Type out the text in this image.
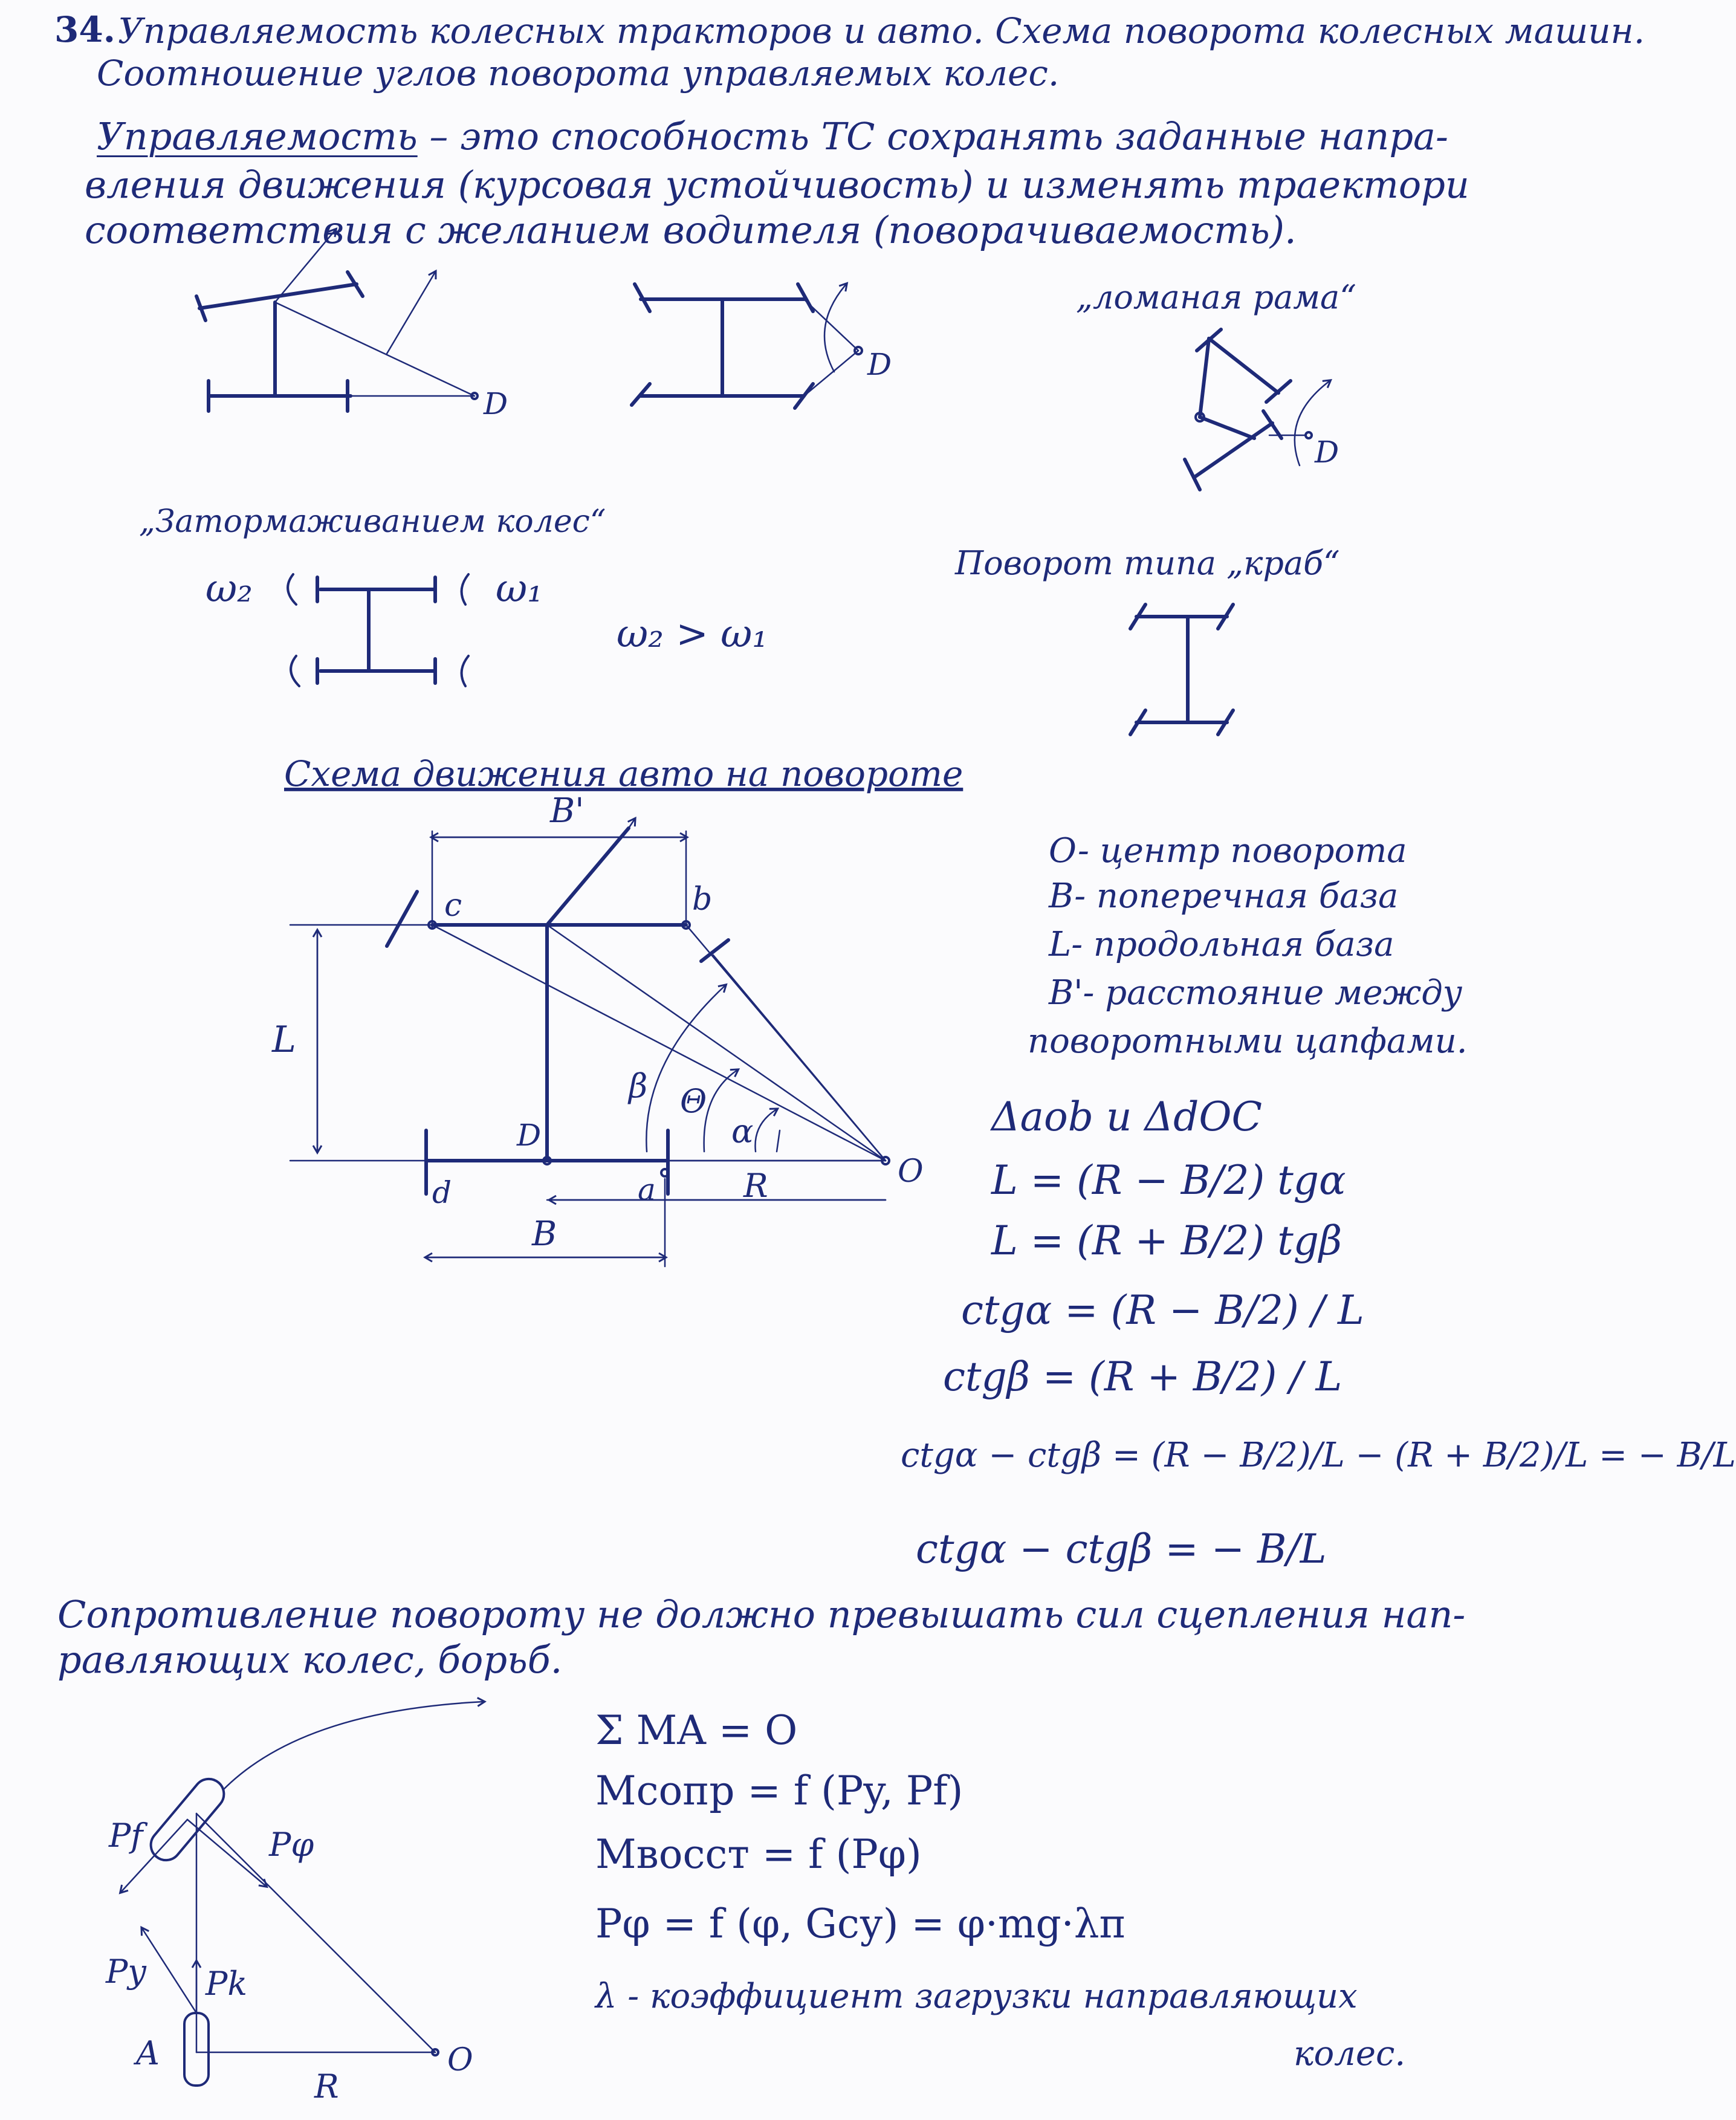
34. Управляемость колесных тракторов и авто. Схема поворота колесных машин.
Соотношение углов поворота управляемых колес.
Управляемость – это способность ТС сохранять заданные напра-
вления движения (курсовая устойчивость) и изменять траектори
соответствия с желанием водителя (поворачиваемость).
D
D
„ломаная рама“
D
„Затормаживанием колес“
ω₂	ω₁
ω₂ > ω₁
Поворот типа „краб“
Схема движения авто на повороте
B'
c	b
L
D
O
d	a	R
B
β Θ
α
Pf	Pφ
Py Pk
A
R
O
O- центр поворота
B- поперечная база
L- продольная база
B'- расстояние между
поворотными цапфами.
Δaob и ΔdOC
L = (R − B/2) tgα
L = (R + B/2) tgβ
ctgα = (R − B/2) / L
ctgβ = (R + B/2) / L
ctgα − ctgβ = (R − B/2)/L − (R + B/2)/L = − B/L
ctgα − ctgβ = − B/L
Сопротивление повороту не должно превышать сил сцепления нап-
равляющих колес, борьб.
Σ MA = O
Mсопр = f (Py, Pf)
Mвосст = f (Pφ)
Pφ = f (φ, Gсу) = φ·mg·λп
λ - коэффициент загрузки направляющих
колес.
